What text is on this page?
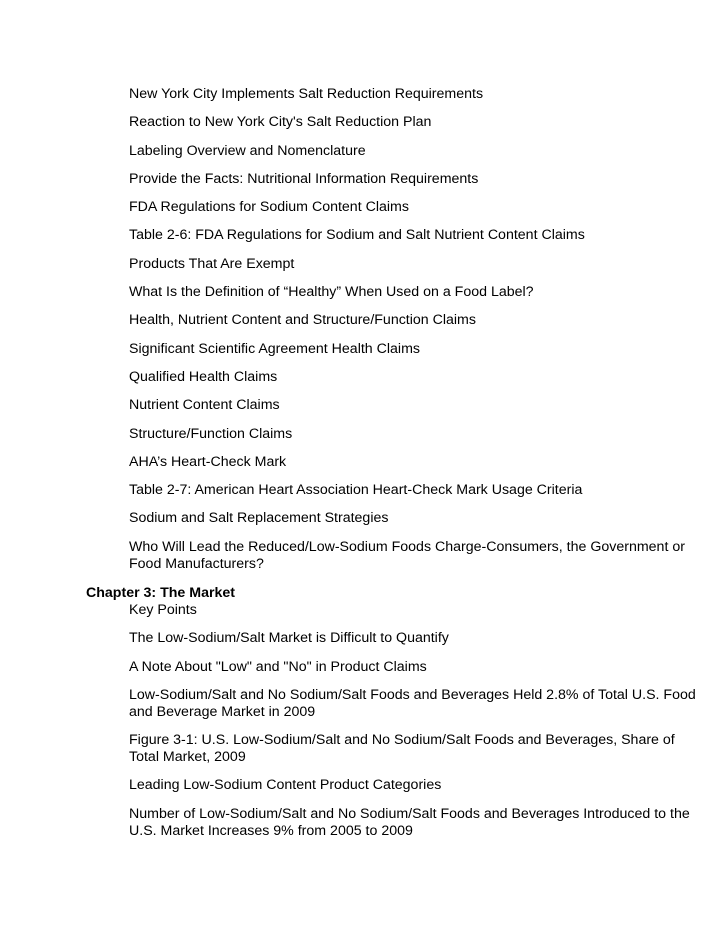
New York City Implements Salt Reduction Requirements
Reaction to New York City's Salt Reduction Plan
Labeling Overview and Nomenclature
Provide the Facts: Nutritional Information Requirements
FDA Regulations for Sodium Content Claims
Table 2-6: FDA Regulations for Sodium and Salt Nutrient Content Claims
Products That Are Exempt
What Is the Definition of “Healthy” When Used on a Food Label?
Health, Nutrient Content and Structure/Function Claims
Significant Scientific Agreement Health Claims
Qualified Health Claims
Nutrient Content Claims
Structure/Function Claims
AHA’s Heart-Check Mark
Table 2-7: American Heart Association Heart-Check Mark Usage Criteria
Sodium and Salt Replacement Strategies
Who Will Lead the Reduced/Low-Sodium Foods Charge-Consumers, the Government or Food Manufacturers?
Chapter 3: The Market
Key Points
The Low-Sodium/Salt Market is Difficult to Quantify
A Note About "Low" and "No" in Product Claims
Low-Sodium/Salt and No Sodium/Salt Foods and Beverages Held 2.8% of Total U.S. Food and Beverage Market in 2009
Figure 3-1: U.S. Low-Sodium/Salt and No Sodium/Salt Foods and Beverages, Share of Total Market, 2009
Leading Low-Sodium Content Product Categories
Number of Low-Sodium/Salt and No Sodium/Salt Foods and Beverages Introduced to the U.S. Market Increases 9% from 2005 to 2009
